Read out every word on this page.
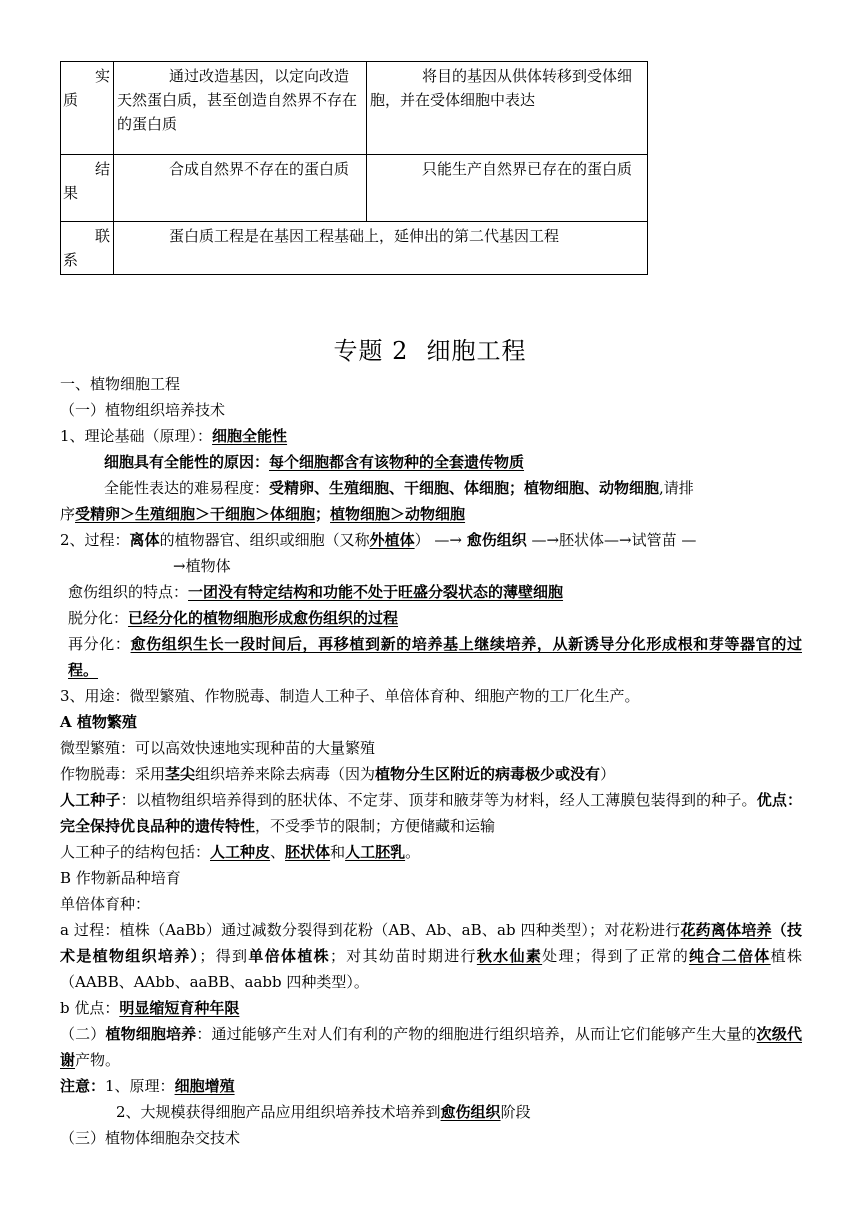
实
质	通过改造基因，以定向改造天然蛋白质，甚至创造自然界不存在的蛋白质	将目的基因从供体转移到受体细胞，并在受体细胞中表达

结
果	合成自然界不存在的蛋白质	只能生产自然界已存在的蛋白质

联
系	蛋白质工程是在基因工程基础上，延伸出的第二代基因工程	
专题 2 细胞工程
一、植物细胞工程
（一）植物组织培养技术
1、理论基础（原理）：细胞全能性
细胞具有全能性的原因：每个细胞都含有该物种的全套遗传物质
全能性表达的难易程度：受精卵、生殖细胞、干细胞、体细胞；植物细胞、动物细胞,请排
序受精卵＞生殖细胞＞干细胞＞体细胞；植物细胞＞动物细胞
2、过程：离体的植物器官、组织或细胞（又称外植体） —→ 愈伤组织 —→胚状体—→试管苗 —
→植物体
愈伤组织的特点：一团没有特定结构和功能不处于旺盛分裂状态的薄壁细胞
脱分化：已经分化的植物细胞形成愈伤组织的过程
再分化：愈伤组织生长一段时间后，再移植到新的培养基上继续培养，从新诱导分化形成根和芽等器官的过程。
3、用途：微型繁殖、作物脱毒、制造人工种子、单倍体育种、细胞产物的工厂化生产。
A 植物繁殖
微型繁殖：可以高效快速地实现种苗的大量繁殖
作物脱毒：采用茎尖组织培养来除去病毒（因为植物分生区附近的病毒极少或没有）
人工种子：以植物组织培养得到的胚状体、不定芽、顶芽和腋芽等为材料，经人工薄膜包装得到的种子。优点：完全保持优良品种的遗传特性，不受季节的限制；方便储藏和运输
人工种子的结构包括：人工种皮、胚状体和人工胚乳。
B 作物新品种培育
单倍体育种：
a 过程：植株（AaBb）通过减数分裂得到花粉（AB、Ab、aB、ab 四种类型）；对花粉进行花药离体培养（技术是植物组织培养）；得到单倍体植株；对其幼苗时期进行秋水仙素处理；得到了正常的纯合二倍体植株（AABB、AAbb、aaBB、aabb 四种类型）。
b 优点：明显缩短育种年限
（二）植物细胞培养：通过能够产生对人们有利的产物的细胞进行组织培养，从而让它们能够产生大量的次级代谢产物。
注意：1、原理：细胞增殖
2、大规模获得细胞产品应用组织培养技术培养到愈伤组织阶段
（三）植物体细胞杂交技术
